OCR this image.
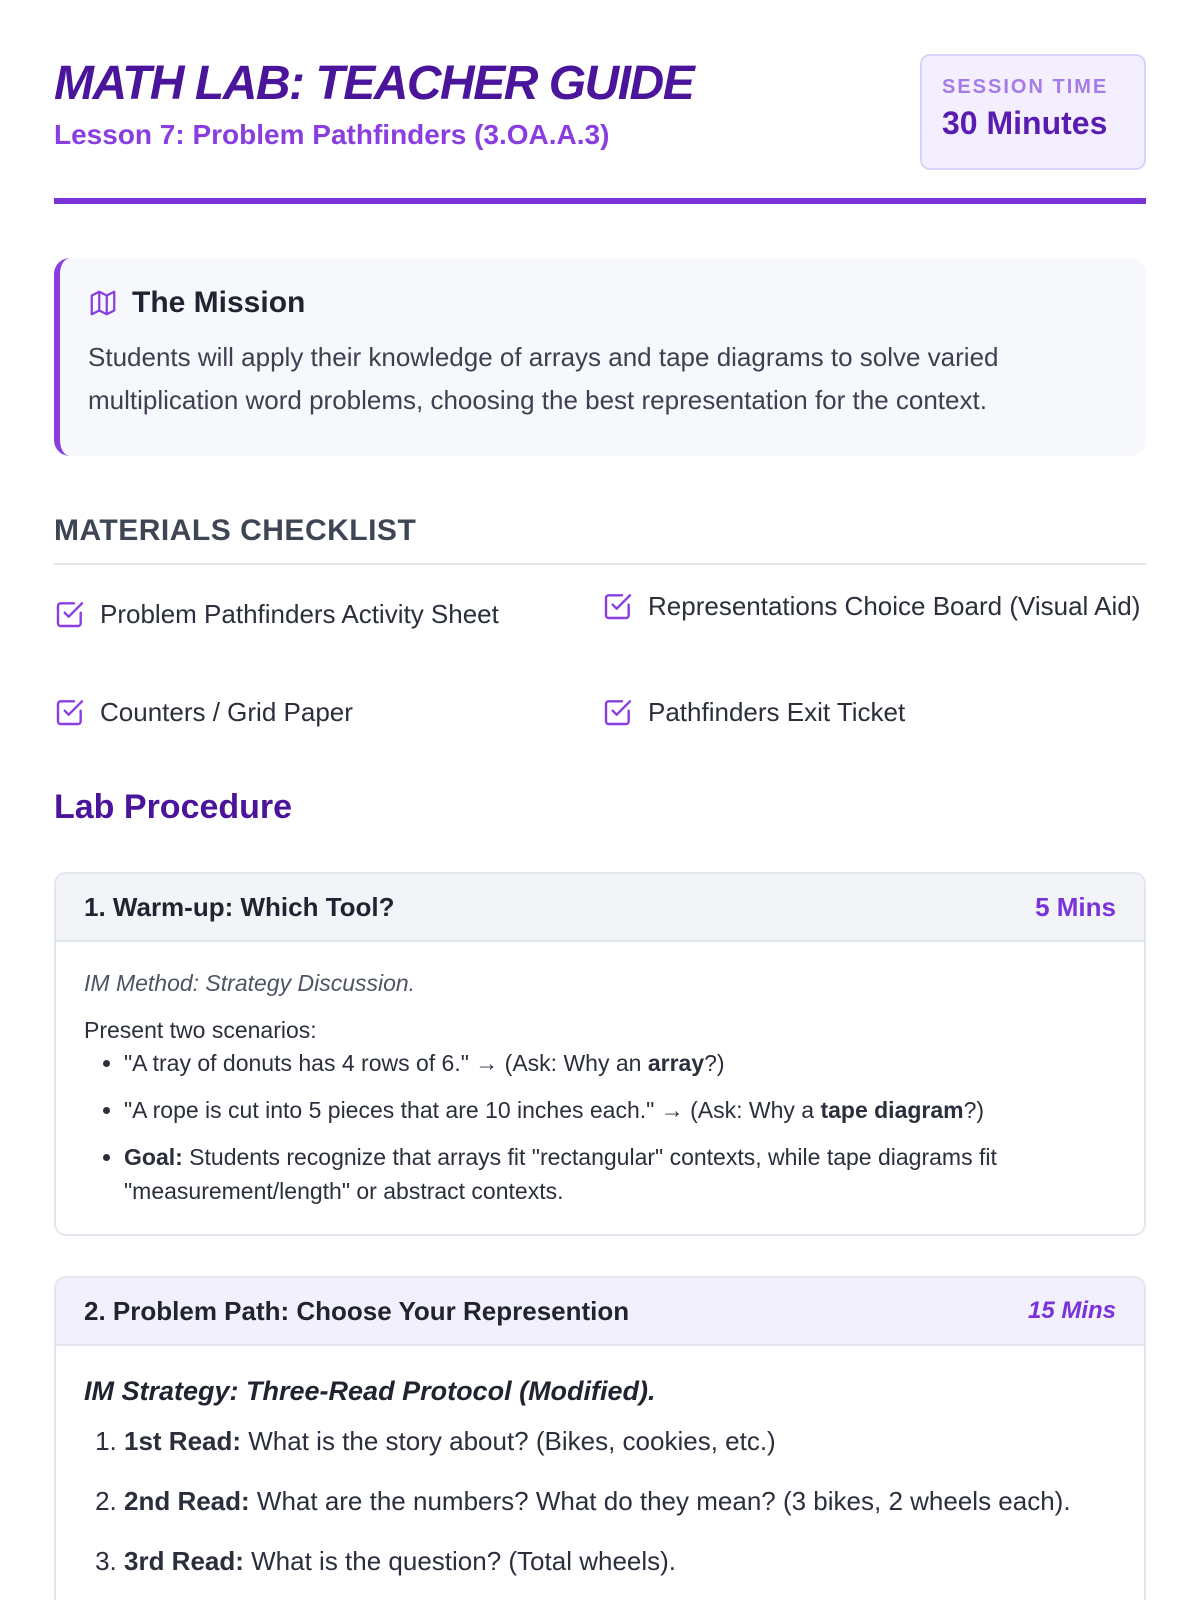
MATH LAB: TEACHER GUIDE
Lesson 7: Problem Pathfinders (3.OA.A.3)
SESSION TIME
30 Minutes
The Mission
Students will apply their knowledge of arrays and tape diagrams to solve varied multiplication word problems, choosing the best representation for the context.
MATERIALS CHECKLIST
Problem Pathfinders Activity Sheet	Representations Choice Board (Visual Aid)
Counters / Grid Paper	Pathfinders Exit Ticket
Lab Procedure
1. Warm-up: Which Tool?	5 Mins
IM Method: Strategy Discussion.
Present two scenarios:
• "A tray of donuts has 4 rows of 6." → (Ask: Why an array?)
• "A rope is cut into 5 pieces that are 10 inches each." → (Ask: Why a tape diagram?)
• Goal: Students recognize that arrays fit "rectangular" contexts, while tape diagrams fit "measurement/length" or abstract contexts.
2. Problem Path: Choose Your Represention	15 Mins
IM Strategy: Three-Read Protocol (Modified).
1. 1st Read: What is the story about? (Bikes, cookies, etc.)
2. 2nd Read: What are the numbers? What do they mean? (3 bikes, 2 wheels each).
3. 3rd Read: What is the question? (Total wheels).
